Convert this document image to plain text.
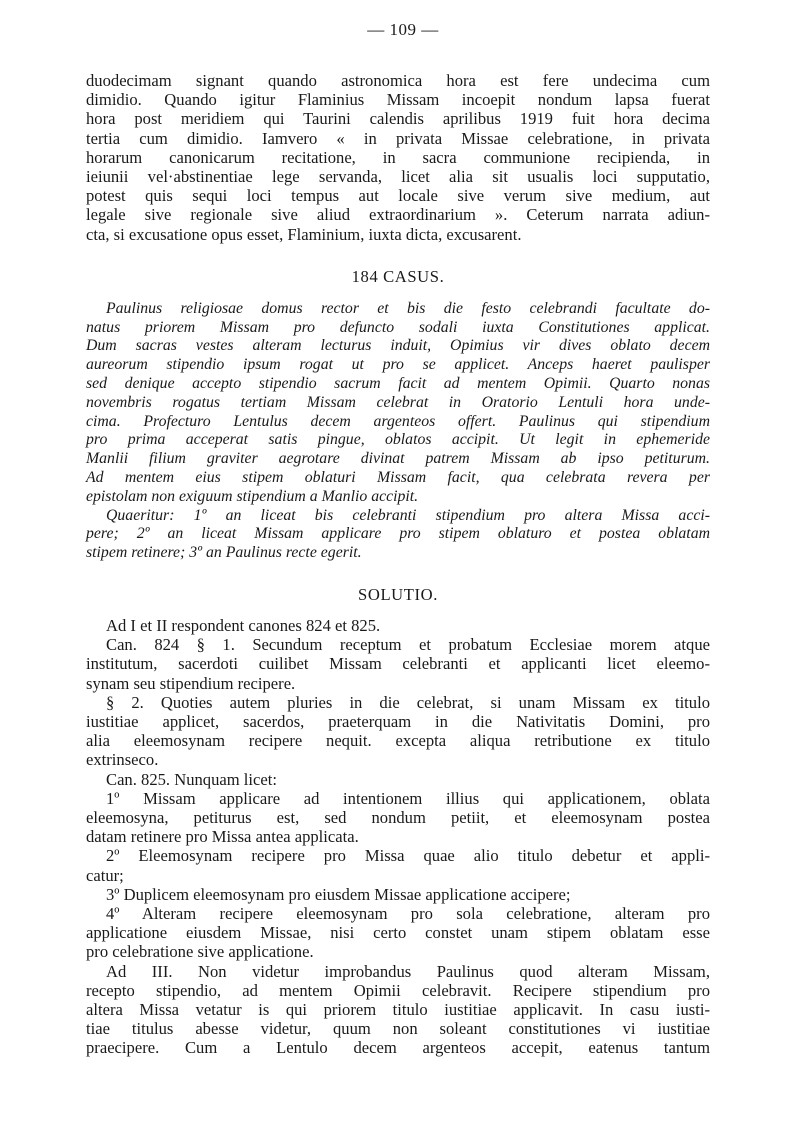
— 109 —
duodecimam signant quando astronomica hora est fere undecima cum
dimidio. Quando igitur Flaminius Missam incoepit nondum lapsa fuerat
hora post meridiem qui Taurini calendis aprilibus 1919 fuit hora decima
tertia cum dimidio. Iamvero « in privata Missae celebratione, in privata
horarum canonicarum recitatione, in sacra communione recipienda, in
ieiunii vel·abstinentiae lege servanda, licet alia sit usualis loci supputatio,
potest quis sequi loci tempus aut locale sive verum sive medium, aut
legale sive regionale sive aliud extraordinarium ». Ceterum narrata adiun-
cta, si excusatione opus esset, Flaminium, iuxta dicta, excusarent.
184 CASUS.
Paulinus religiosae domus rector et bis die festo celebrandi facultate do-
natus priorem Missam pro defuncto sodali iuxta Constitutiones applicat.
Dum sacras vestes alteram lecturus induit, Opimius vir dives oblato decem
aureorum stipendio ipsum rogat ut pro se applicet. Anceps haeret paulisper
sed denique accepto stipendio sacrum facit ad mentem Opimii. Quarto nonas
novembris rogatus tertiam Missam celebrat in Oratorio Lentuli hora unde-
cima. Profecturo Lentulus decem argenteos offert. Paulinus qui stipendium
pro prima acceperat satis pingue, oblatos accipit. Ut legit in ephemeride
Manlii filium graviter aegrotare divinat patrem Missam ab ipso petiturum.
Ad mentem eius stipem oblaturi Missam facit, qua celebrata revera per
epistolam non exiguum stipendium a Manlio accipit.
Quaeritur: 1º an liceat bis celebranti stipendium pro altera Missa acci-
pere; 2º an liceat Missam applicare pro stipem oblaturo et postea oblatam
stipem retinere; 3º an Paulinus recte egerit.
SOLUTIO.
Ad I et II respondent canones 824 et 825.
Can. 824 § 1. Secundum receptum et probatum Ecclesiae morem atque
institutum, sacerdoti cuilibet Missam celebranti et applicanti licet eleemo-
synam seu stipendium recipere.
§ 2. Quoties autem pluries in die celebrat, si unam Missam ex titulo
iustitiae applicet, sacerdos, praeterquam in die Nativitatis Domini, pro
alia eleemosynam recipere nequit. excepta aliqua retributione ex titulo
extrinseco.
Can. 825. Nunquam licet:
1º Missam applicare ad intentionem illius qui applicationem, oblata
eleemosyna, petiturus est, sed nondum petiit, et eleemosynam postea
datam retinere pro Missa antea applicata.
2º Eleemosynam recipere pro Missa quae alio titulo debetur et appli-
catur;
3º Duplicem eleemosynam pro eiusdem Missae applicatione accipere;
4º Alteram recipere eleemosynam pro sola celebratione, alteram pro
applicatione eiusdem Missae, nisi certo constet unam stipem oblatam esse
pro celebratione sive applicatione.
Ad III. Non videtur improbandus Paulinus quod alteram Missam,
recepto stipendio, ad mentem Opimii celebravit. Recipere stipendium pro
altera Missa vetatur is qui priorem titulo iustitiae applicavit. In casu iusti-
tiae titulus abesse videtur, quum non soleant constitutiones vi iustitiae
praecipere. Cum a Lentulo decem argenteos accepit, eatenus tantum
